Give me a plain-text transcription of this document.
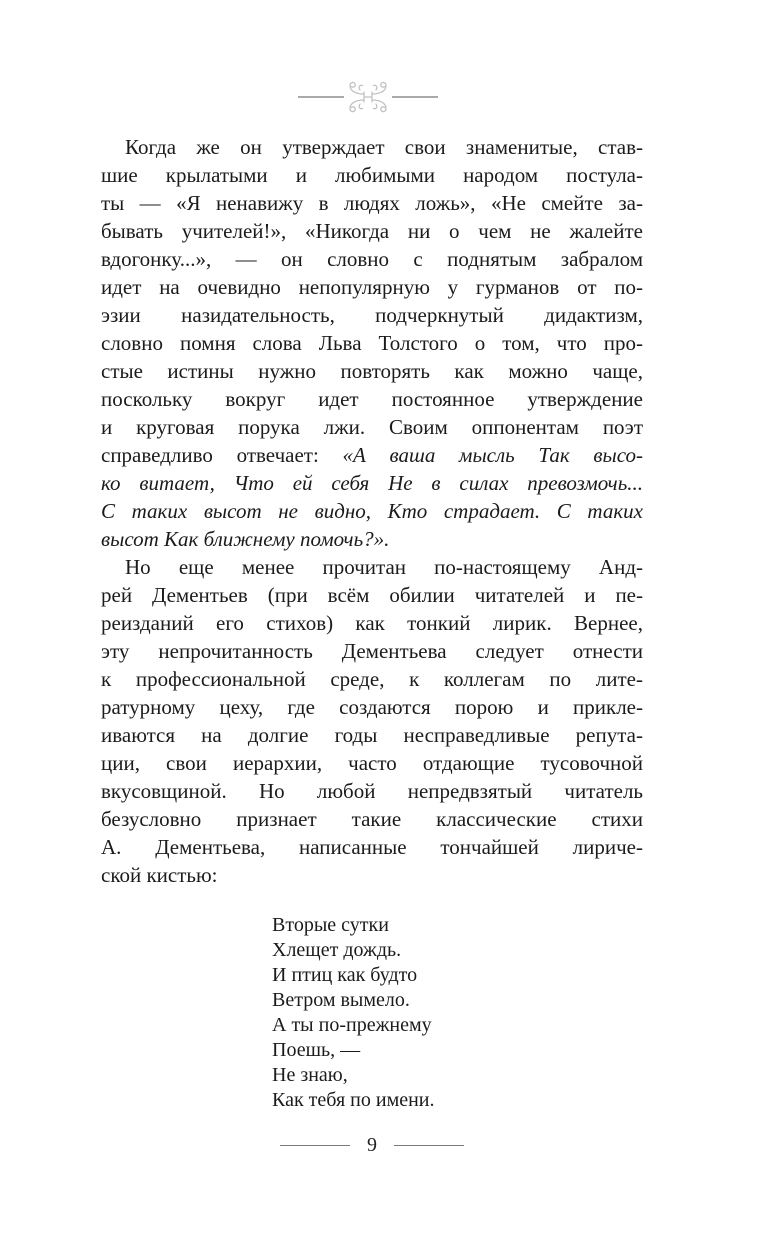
Когда же он утверждает свои знаменитые, став-
шие крылатыми и любимыми народом постула-
ты — «Я ненавижу в людях ложь», «Не смейте за-
бывать учителей!», «Никогда ни о чем не жалейте
вдогонку...», — он словно с поднятым забралом
идет на очевидно непопулярную у гурманов от по-
эзии назидательность, подчеркнутый дидактизм,
словно помня слова Льва Толстого о том, что про-
стые истины нужно повторять как можно чаще,
поскольку вокруг идет постоянное утверждение
и круговая порука лжи. Своим оппонентам поэт
справедливо отвечает: «А ваша мысль Так высо-
ко витает, Что ей себя Не в силах превозмочь...
С таких высот не видно, Кто страдает. С таких
высот Как ближнему помочь?».
Но еще менее прочитан по-настоящему Анд-
рей Дементьев (при всём обилии читателей и пе-
реизданий его стихов) как тонкий лирик. Вернее,
эту непрочитанность Дементьева следует отнести
к профессиональной среде, к коллегам по лите-
ратурному цеху, где создаются порою и прикле-
иваются на долгие годы несправедливые репута-
ции, свои иерархии, часто отдающие тусовочной
вкусовщиной. Но любой непредвзятый читатель
безусловно признает такие классические стихи
А. Дементьева, написанные тончайшей лириче-
ской кистью:
Вторые сутки
Хлещет дождь.
И птиц как будто
Ветром вымело.
А ты по-прежнему
Поешь, —
Не знаю,
Как тебя по имени.
9
